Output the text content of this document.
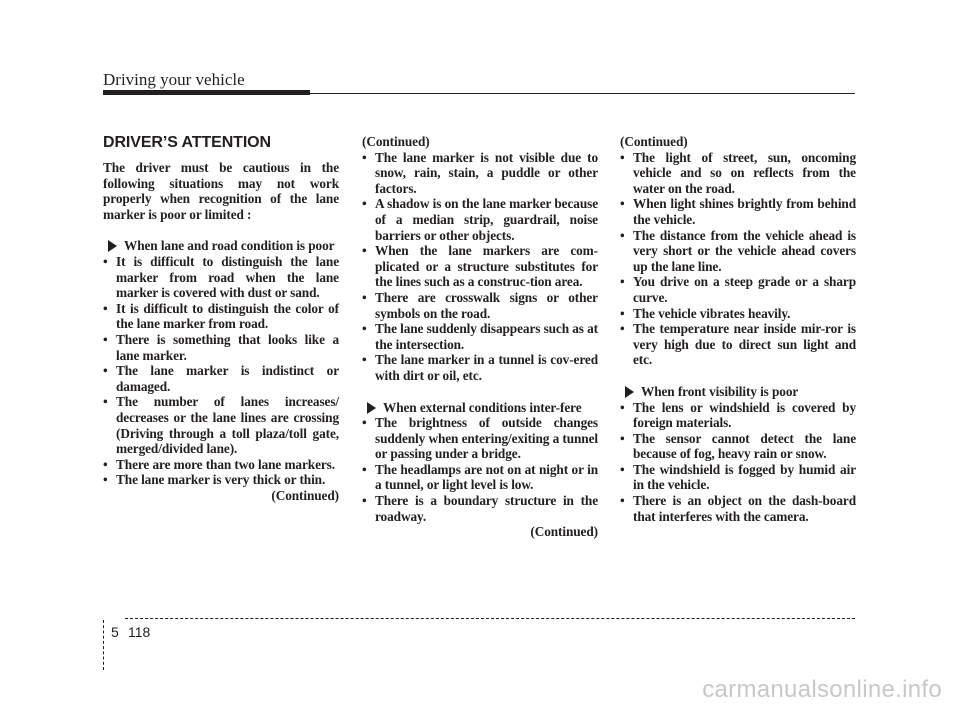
Driving your vehicle
DRIVER’S ATTENTION

The driver must be cautious in the following situations may not work properly when recognition of the lane marker is poor or limited :

When lane and road condition is poor
• It is difficult to distinguish the lane marker from road when the lane marker is covered with dust or sand.
• It is difficult to distinguish the color of the lane marker from road.
• There is something that looks like a lane marker.
• The lane marker is indistinct or damaged.
• The number of lanes increases/ decreases or the lane lines are crossing (Driving through a toll plaza/toll gate, merged/divided lane).
• There are more than two lane markers.
• The lane marker is very thick or thin.

(Continued)

(Continued)

• The lane marker is not visible due to snow, rain, stain, a puddle or other factors.
• A shadow is on the lane marker because of a median strip, guardrail, noise barriers or other objects.
• When the lane markers are com-plicated or a structure substitutes for the lines such as a construc-tion area.
• There are crosswalk signs or other symbols on the road.
• The lane suddenly disappears such as at the intersection.
• The lane marker in a tunnel is cov-ered with dirt or oil, etc.
When external conditions inter-fere
• The brightness of outside changes suddenly when entering/exiting a tunnel or passing under a bridge.
• The headlamps are not on at night or in a tunnel, or light level is low.
• There is a boundary structure in the roadway.

(Continued)

(Continued)

• The light of street, sun, oncoming vehicle and so on reflects from the water on the road.
• When light shines brightly from behind the vehicle.
• The distance from the vehicle ahead is very short or the vehicle ahead covers up the lane line.
• You drive on a steep grade or a sharp curve.
• The vehicle vibrates heavily.
• The temperature near inside mir-ror is very high due to direct sun light and etc.
When front visibility is poor
• The lens or windshield is covered by foreign materials.
• The sensor cannot detect the lane because of fog, heavy rain or snow.
• The windshield is fogged by humid air in the vehicle.
• There is an object on the dash-board that interferes with the camera.
5 118
carmanualsonline.info
